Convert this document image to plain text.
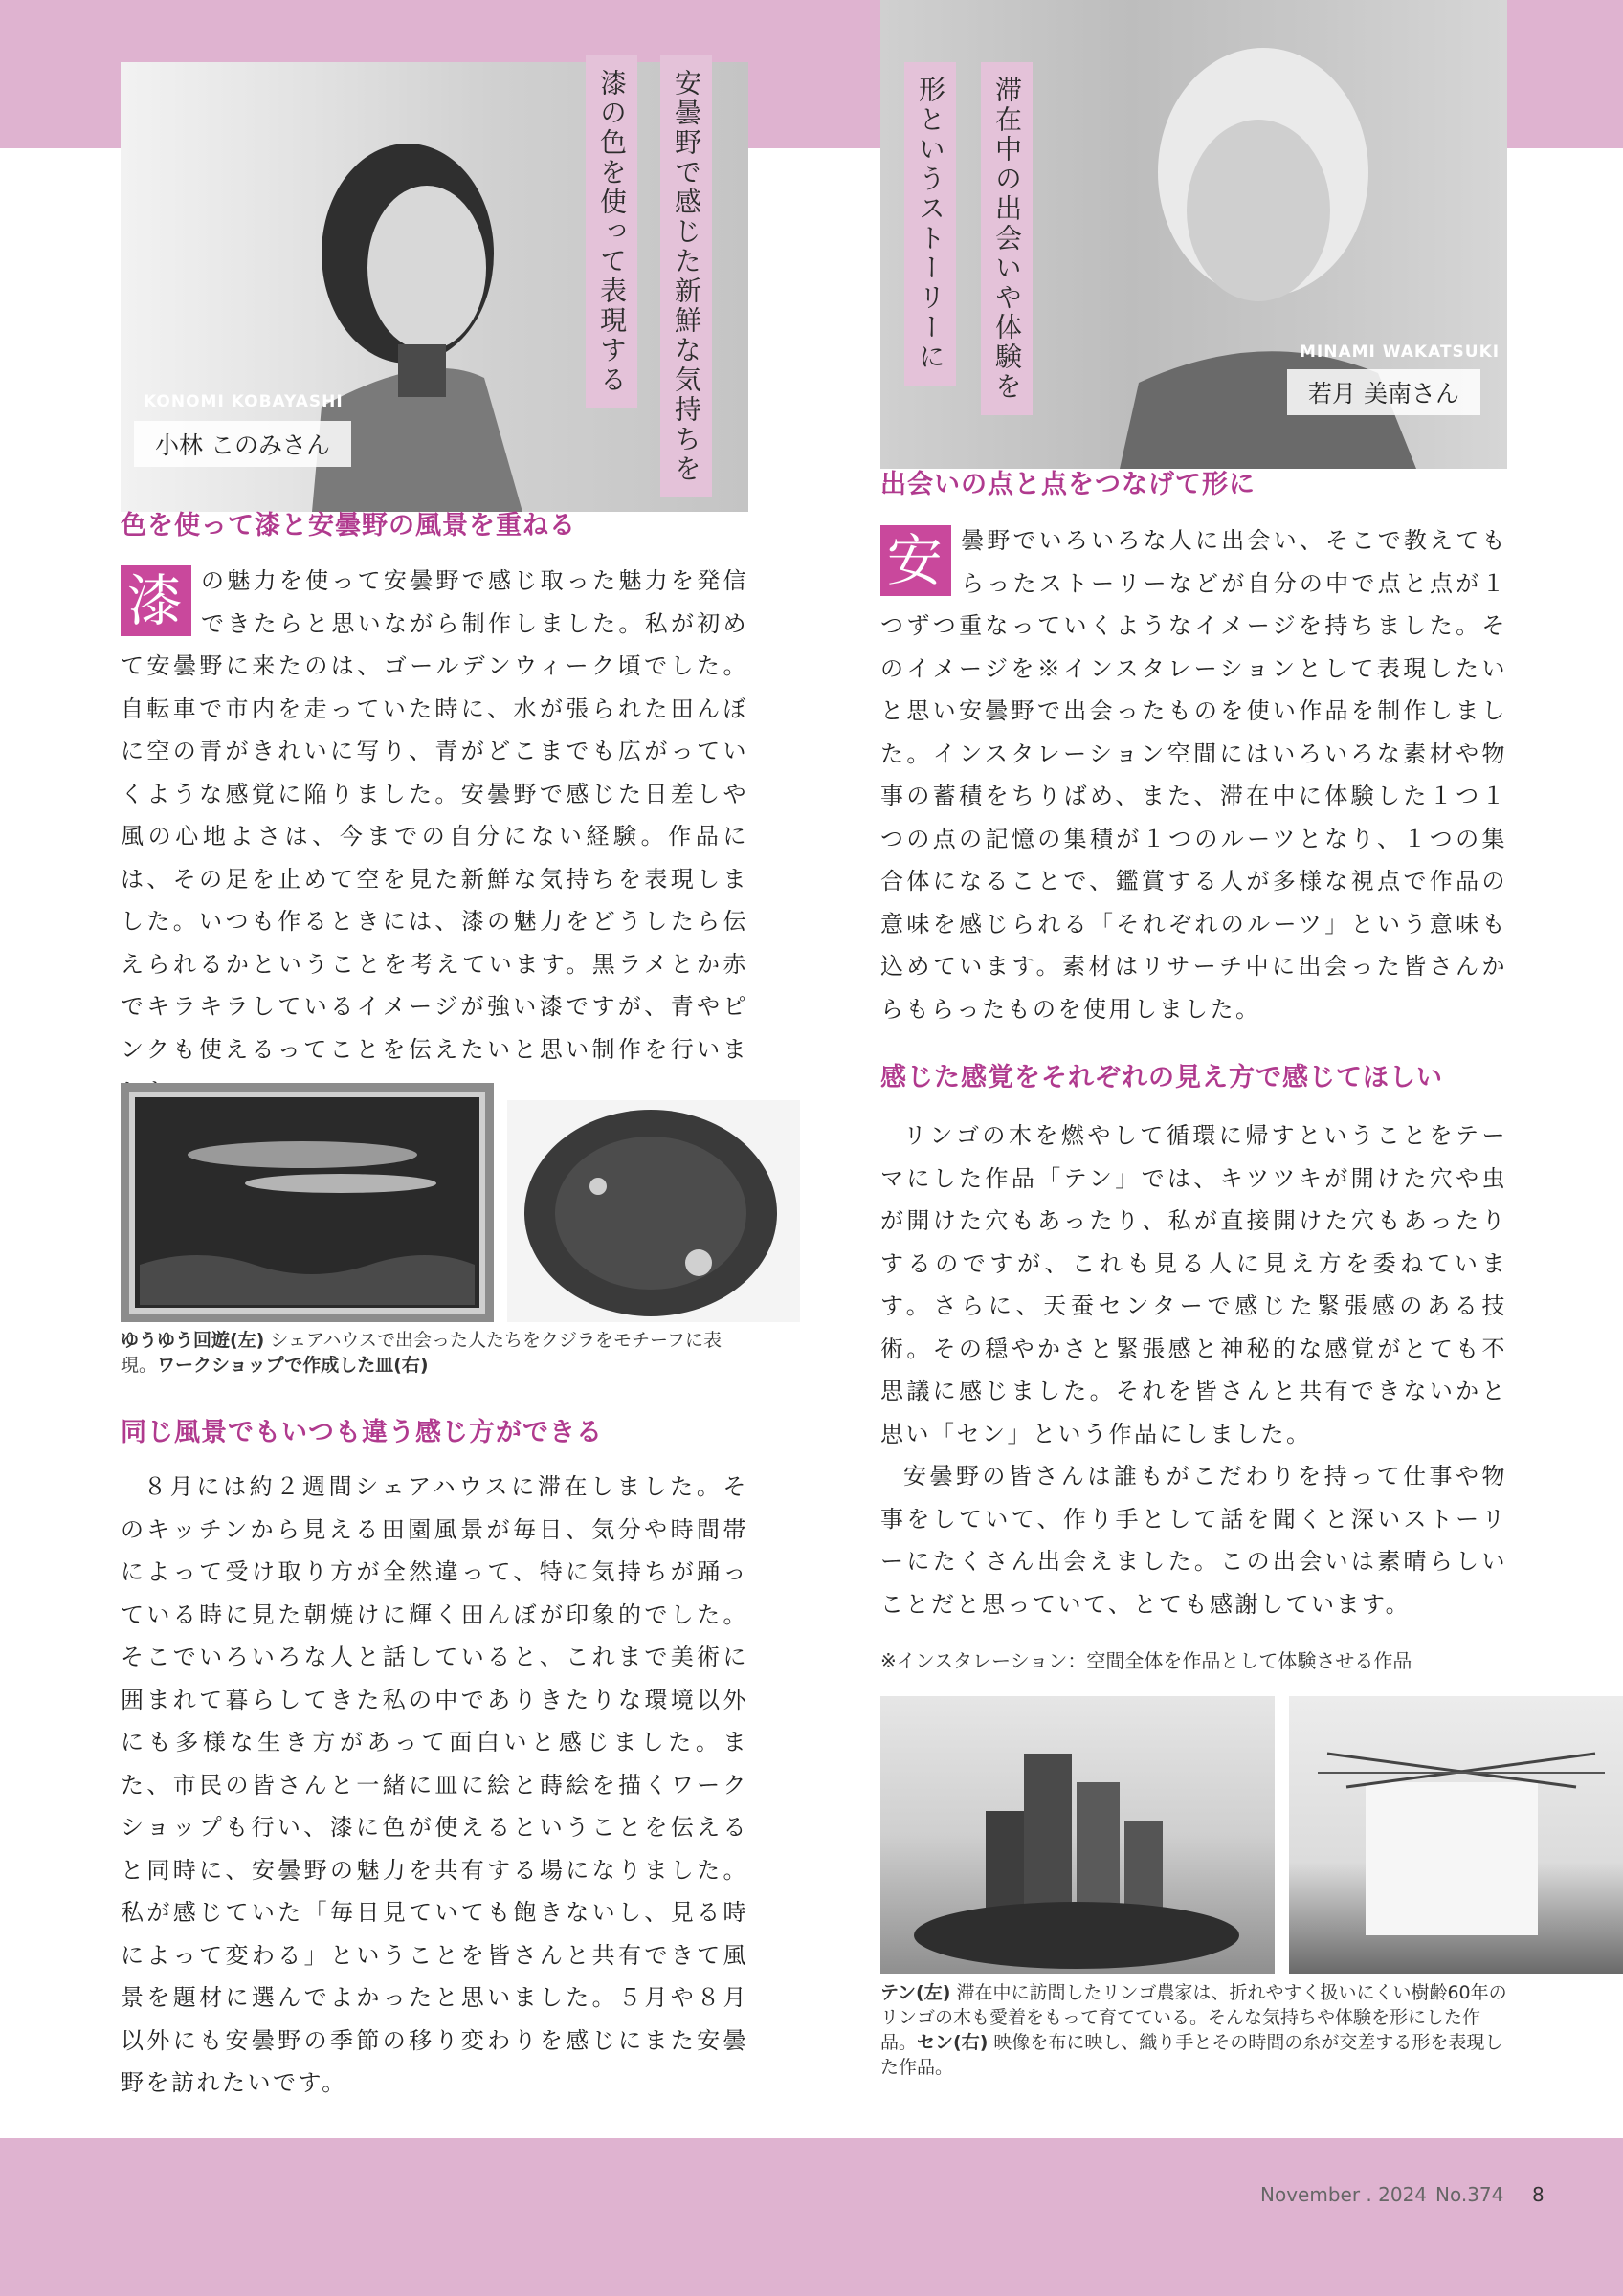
安曇野で感じた新鮮な気持ちを
漆の色を使って表現する
KONOMI KOBAYASHI
小林 このみさん
滞在中の出会いや体験を
形というストーリーに	MINAMI WAKATSUKI
若月 美南さん
色を使って漆と安曇野の風景を重ねる
漆 の魅力を使って安曇野で感じ取った魅力を発信できたらと思いながら制作しました。私が初めて安曇野に来たのは、ゴールデンウィーク頃でした。自転車で市内を走っていた時に、水が張られた田んぼに空の青がきれいに写り、青がどこまでも広がっていくような感覚に陥りました。安曇野で感じた日差しや風の心地よさは、今までの自分にない経験。作品には、その足を止めて空を見た新鮮な気持ちを表現しました。いつも作るときには、漆の魅力をどうしたら伝えられるかということを考えています。黒ラメとか赤でキラキラしているイメージが強い漆ですが、青やピンクも使えるってことを伝えたいと思い制作を行いま
ゆうゆう回遊(左) シェアハウスで出会った人たちをクジラをモチーフに表現。ワークショップで作成した皿(右)
同じ風景でもいつも違う感じ方ができる

８月には約２週間シェアハウスに滞在しました。そのキッチンから見える田園風景が毎日、気分や時間帯によって受け取り方が全然違って、特に気持ちが踊っている時に見た朝焼けに輝く田んぼが印象的でした。そこでいろいろな人と話していると、これまで美術に囲まれて暮らしてきた私の中でありきたりな環境以外にも多様な生き方があって面白いと感じました。また、市民の皆さんと一緒に皿に絵と蒔絵を描くワークショップも行い、漆に色が使えるということを伝えると同時に、安曇野の魅力を共有する場になりました。私が感じていた「毎日見ていても飽きないし、見る時によって変わる」ということを皆さんと共有できて風景を題材に選んでよかったと思いました。５月や８月以外にも安曇野の季節の移り変わりを感じにまた安曇野を訪れたいです。

出会いの点と点をつなげて形に
安 曇野でいろいろな人に出会い、そこで教えてもらったストーリーなどが自分の中で点と点が１つずつ重なっていくようなイメージを持ちました。そのイメージを※インスタレーションとして表現したいと思い安曇野で出会ったものを使い作品を制作しました。インスタレーション空間にはいろいろな素材や物事の蓄積をちりばめ、また、滞在中に体験した１つ１つの点の記憶の集積が１つのルーツとなり、１つの集合体になることで、鑑賞する人が多様な視点で作品の意味を感じられる「それぞれのルーツ」という意味も込めています。素材はリサーチ中に出会った皆さんからもらったものを使用しました。
感じた感覚をそれぞれの見え方で感じてほしい

リンゴの木を燃やして循環に帰すということをテーマにした作品「テン」では、キツツキが開けた穴や虫が開けた穴もあったり、私が直接開けた穴もあったりするのですが、これも見る人に見え方を委ねています。さらに、天蚕センターで感じた緊張感のある技術。その穏やかさと緊張感と神秘的な感覚がとても不思議に感じました。それを皆さんと共有できないかと思い「セン」という作品にしました。

安曇野の皆さんは誰もがこだわりを持って仕事や物事をしていて、作り手として話を聞くと深いストーリーにたくさん出会えました。この出会いは素晴らしいことだと思っていて、とても感謝しています。

※インスタレーション：空間全体を作品として体験させる作品
テン(左) 滞在中に訪問したリンゴ農家は、折れやすく扱いにくい樹齢60年のリンゴの木も愛着をもって育てている。そんな気持ちや体験を形にした作品。セン(右) 映像を布に映し、織り手とその時間の糸が交差する形を表現した作品。
November . 2024 No.374 8
